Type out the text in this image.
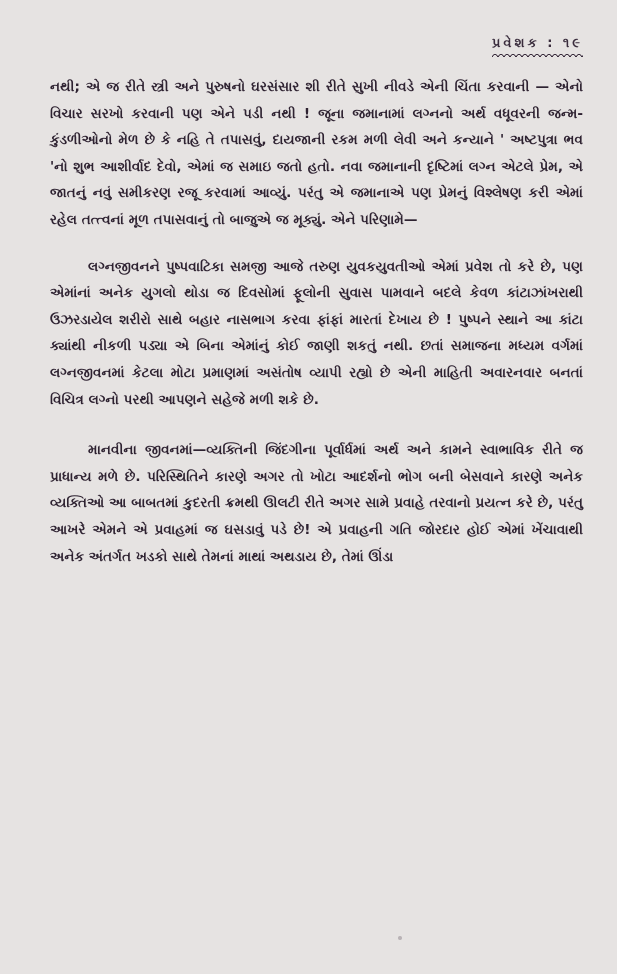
પ્રવેશક : ૧૯

નથી; એ જ રીતે સ્ત્રી અને પુરુષનો ઘરસંસાર શી રીતે સુખી નીવડે એની ચિંતા કરવાની — એનો વિચાર સરખો કરવાની પણ એને પડી નથી ! જૂના જમાનામાં લગ્નનો અર્થ વધૂવરની જન્મ-કુંડળીઓનો મેળ છે કે નહિ તે તપાસવું, દાયજાની રકમ મળી લેવી અને કન્યાને ' અષ્ટપુત્રા ભવ 'નો શુભ આશીર્વાદ દેવો, એમાં જ સમાઇ જતો હતો. નવા જમાનાની દૃષ્ટિમાં લગ્ન એટલે પ્રેમ, એ જાતનું નવું સમીકરણ રજૂ કરવામાં આવ્યું. પરંતુ એ જમાનાએ પણ પ્રેમનું વિશ્લેષણ કરી એમાં રહેલ તત્ત્વનાં મૂળ તપાસવાનું તો બાજુએ જ મૂક્યું. એને પરિણામે—

લગ્નજીવનને પુષ્પવાટિકા સમજી આજે તરુણ યુવકયુવતીઓ એમાં પ્રવેશ તો કરે છે, પણ એમાંનાં અનેક યુગલો થોડા જ દિવસોમાં ફૂલોની સુવાસ પામવાને બદલે કેવળ કાંટાઝાંખરાથી ઉઝરડાયેલ શરીરો સાથે બહાર નાસભાગ કરવા ફાંફાં મારતાં દેખાય છે ! પુષ્પને સ્થાને આ કાંટા ક્યાંથી નીકળી પડ્યા એ બિના એમાંનું કોઈ જાણી શકતું નથી. છતાં સમાજના મધ્યમ વર્ગમાં લગ્નજીવનમાં કેટલા મોટા પ્રમાણમાં અસંતોષ વ્યાપી રહ્યો છે એની માહિતી અવારનવાર બનતાં વિચિત્ર લગ્નો પરથી આપણને સહેજે મળી શકે છે.

માનવીના જીવનમાં—વ્યક્તિની જિંદગીના પૂર્વાર્ધમાં અર્થ અને કામને સ્વાભાવિક રીતે જ પ્રાધાન્ય મળે છે. પરિસ્થિતિને કારણે અગર તો ખોટા આદર્શનો ભોગ બની બેસવાને કારણે અનેક વ્યક્તિઓ આ બાબતમાં કુદરતી ક્રમથી ઊલટી રીતે અગર સામે પ્રવાહે તરવાનો પ્રયત્ન કરે છે, પરંતુ આખરે એમને એ પ્રવાહમાં જ ઘસડાવું પડે છે! એ પ્રવાહની ગતિ જોરદાર હોઈ એમાં ખેંચાવાથી અનેક અંતર્ગત ખડકો સાથે તેમનાં માથાં અથડાય છે, તેમાં ઊંડા
